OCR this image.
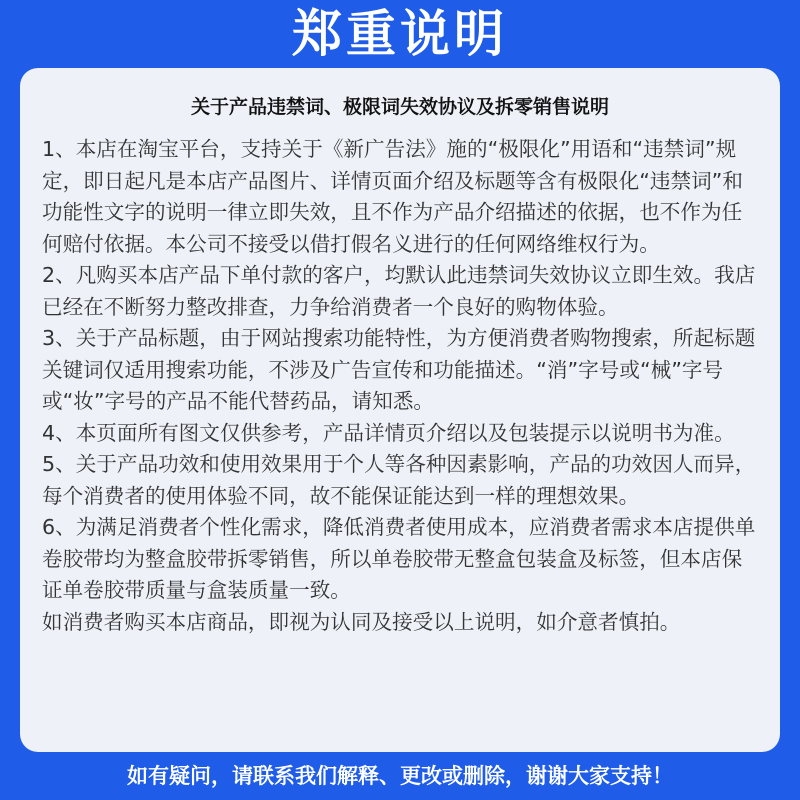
郑重说明
关于产品违禁词、极限词失效协议及拆零销售说明

1、本店在淘宝平台，支持关于《新广告法》施的“极限化”用语和“违禁词”规定，即日起凡是本店产品图片、详情页面介绍及标题等含有极限化“违禁词”和功能性文字的说明一律立即失效，且不作为产品介绍描述的依据，也不作为任何赔付依据。本公司不接受以借打假名义进行的任何网络维权行为。

2、凡购买本店产品下单付款的客户，均默认此违禁词失效协议立即生效。我店已经在不断努力整改排查，力争给消费者一个良好的购物体验。

3、关于产品标题，由于网站搜索功能特性，为方便消费者购物搜索，所起标题关键词仅适用搜索功能，不涉及广告宣传和功能描述。“消”字号或“械”字号或“妆”字号的产品不能代替药品，请知悉。

4、本页面所有图文仅供参考，产品详情页介绍以及包装提示以说明书为准。

5、关于产品功效和使用效果用于个人等各种因素影响，产品的功效因人而异，每个消费者的使用体验不同，故不能保证能达到一样的理想效果。

6、为满足消费者个性化需求，降低消费者使用成本，应消费者需求本店提供单卷胶带均为整盒胶带拆零销售，所以单卷胶带无整盒包装盒及标签，但本店保证单卷胶带质量与盒装质量一致。

如消费者购买本店商品，即视为认同及接受以上说明，如介意者慎拍。

如有疑问，请联系我们解释、更改或删除，谢谢大家支持！
